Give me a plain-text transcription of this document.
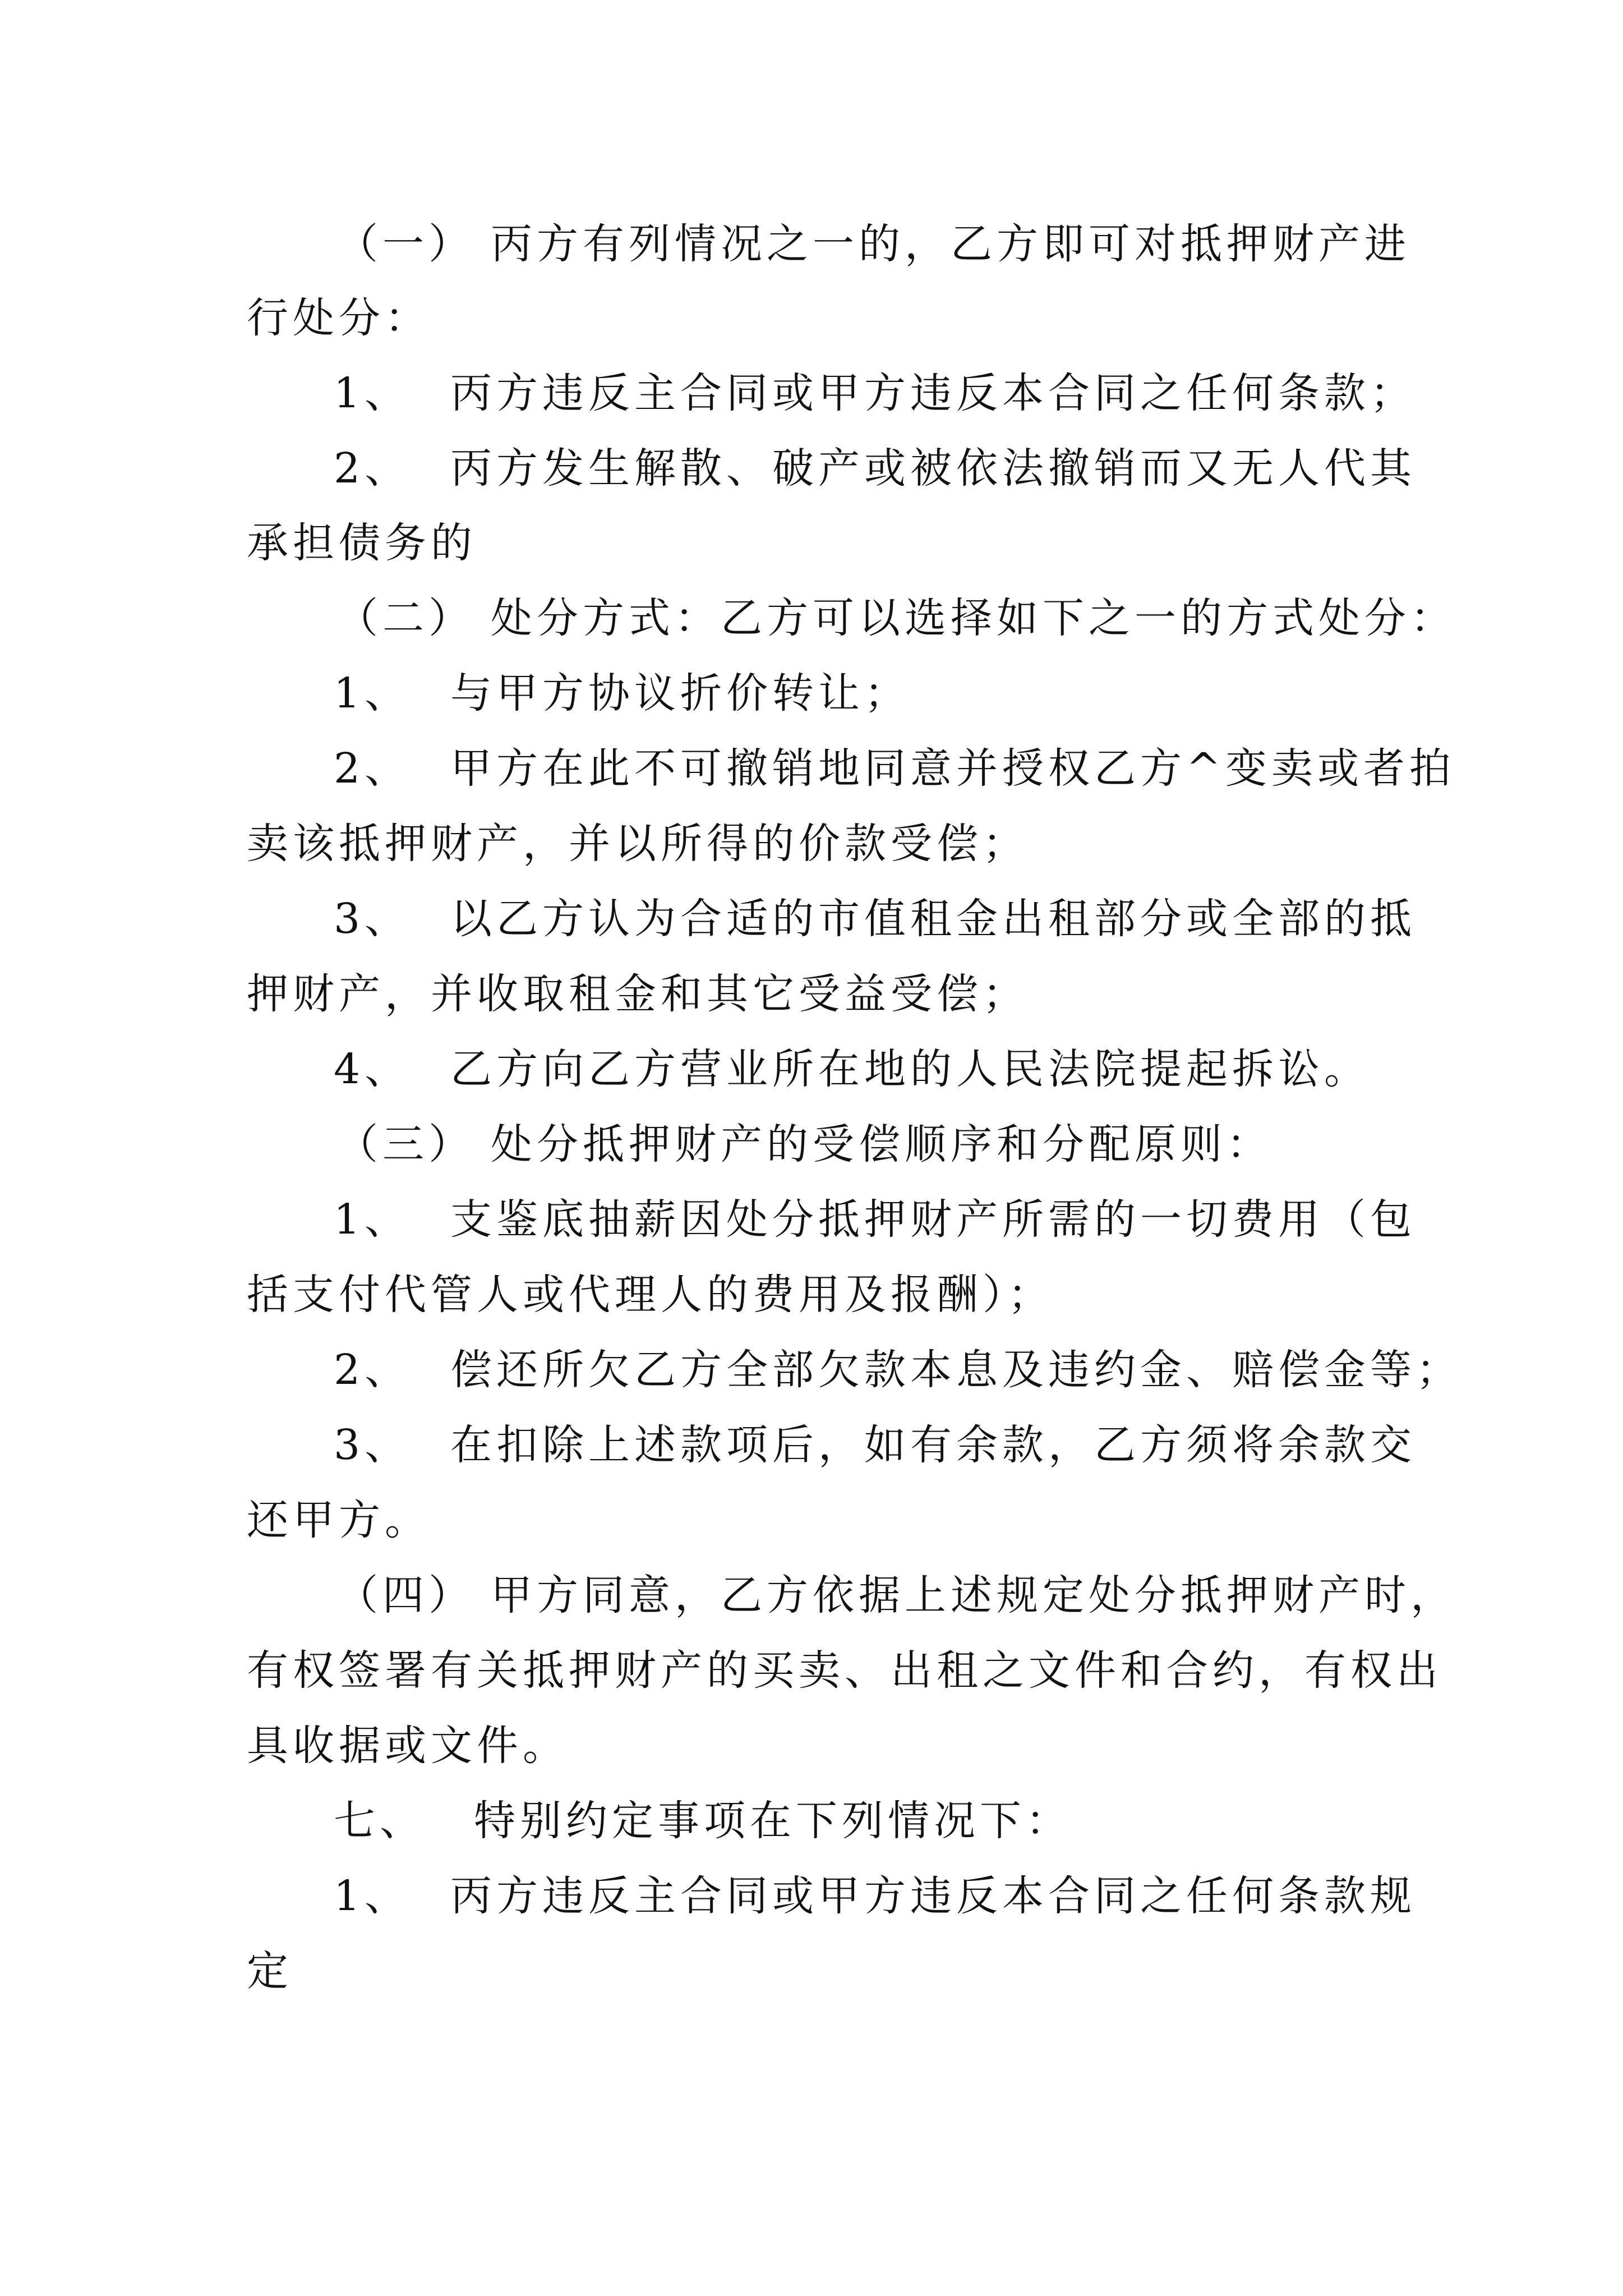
（一） 丙方有列情况之一的，乙方即可对抵押财产进
行处分：
1、 丙方违反主合同或甲方违反本合同之任何条款；
2、 丙方发生解散、破产或被依法撤销而又无人代其
承担债务的
（二） 处分方式：乙方可以选择如下之一的方式处分：
1、 与甲方协议折价转让；
2、 甲方在此不可撤销地同意并授权乙方^变卖或者拍
卖该抵押财产，并以所得的价款受偿；
3、 以乙方认为合适的市值租金出租部分或全部的抵
押财产，并收取租金和其它受益受偿；
4、 乙方向乙方营业所在地的人民法院提起拆讼。
（三） 处分抵押财产的受偿顺序和分配原则：
1、 支鉴底抽薪因处分抵押财产所需的一切费用（包
括支付代管人或代理人的费用及报酬）；
2、 偿还所欠乙方全部欠款本息及违约金、赔偿金等；
3、 在扣除上述款项后，如有余款，乙方须将余款交
还甲方。
（四） 甲方同意，乙方依据上述规定处分抵押财产时，
有权签署有关抵押财产的买卖、出租之文件和合约，有权出
具收据或文件。
七、 特别约定事项在下列情况下：
1、 丙方违反主合同或甲方违反本合同之任何条款规
定
